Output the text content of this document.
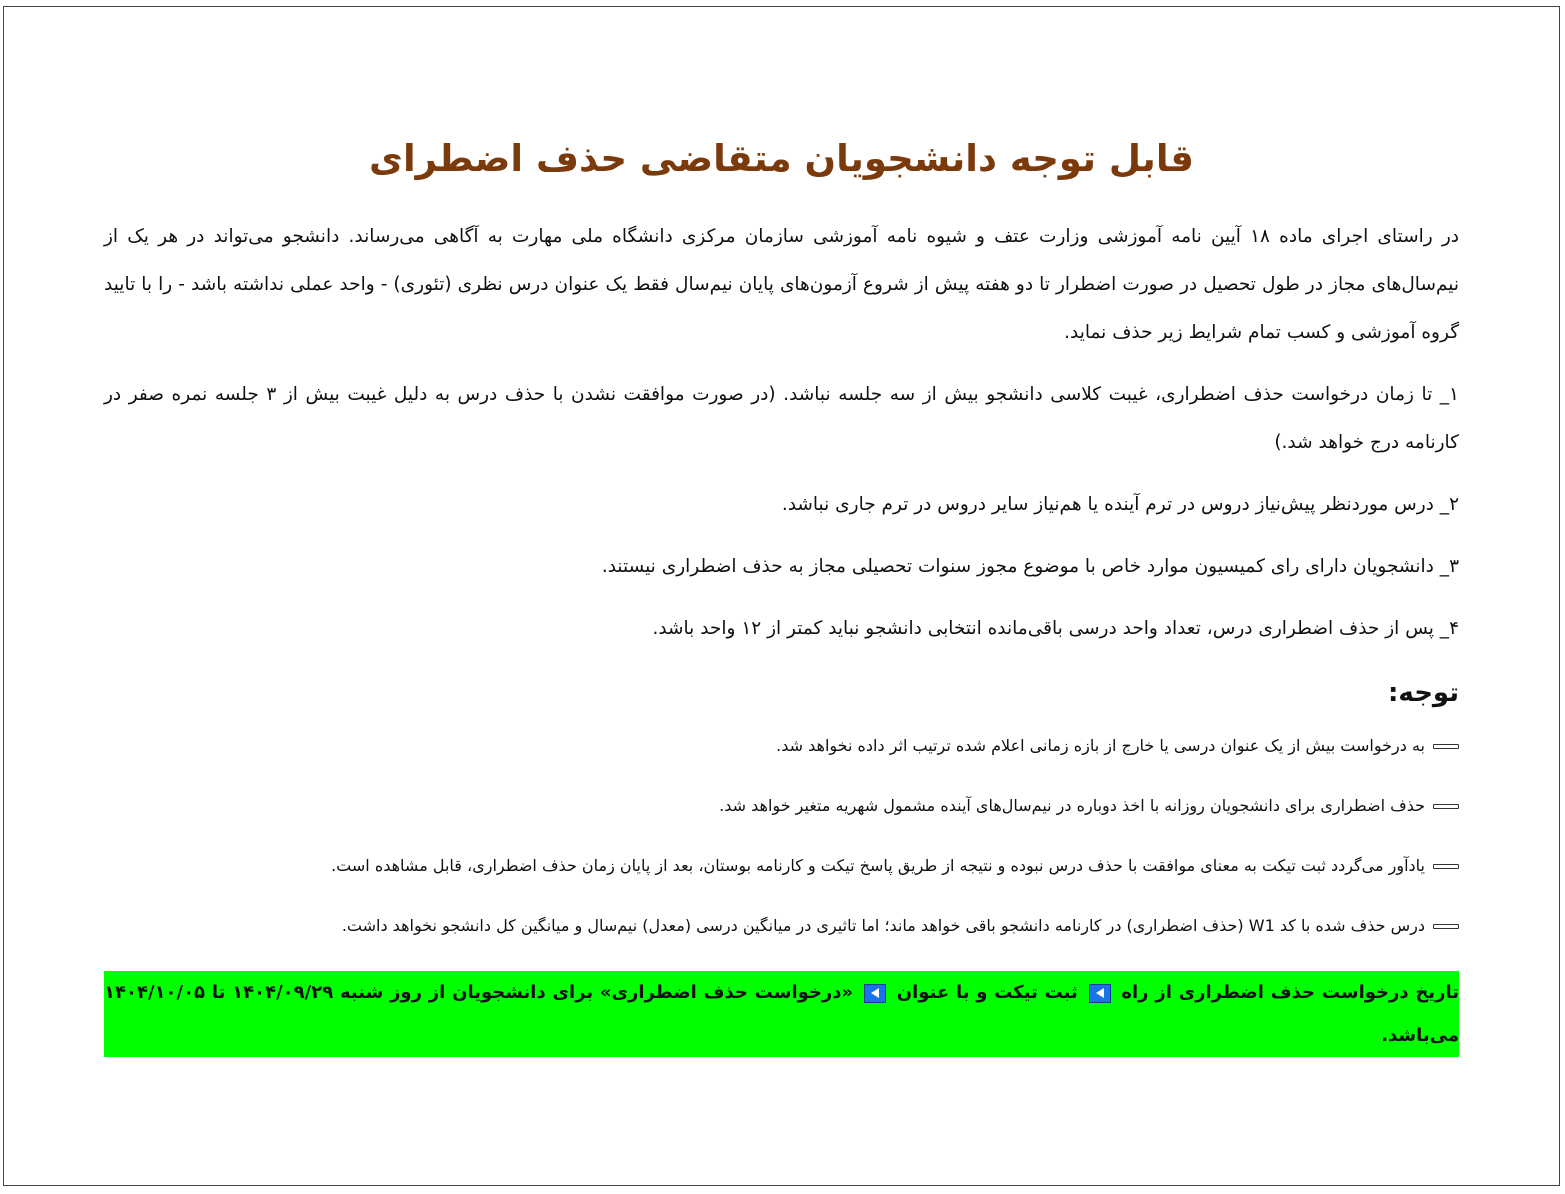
قابل توجه دانشجویان متقاضی حذف اضطرای

در راستای اجرای ماده ۱۸ آیین نامه آموزشی وزارت عتف و شیوه نامه آموزشی سازمان مرکزی دانشگاه ملی مهارت به آگاهی می‌رساند. دانشجو می‌تواند در هر یک از نیم‌سال‌های مجاز در طول تحصیل در صورت اضطرار تا دو هفته پیش از شروع آزمون‌های پایان نیم‌سال فقط یک عنوان درس نظری (تئوری) - واحد عملی نداشته باشد - را با تایید گروه آموزشی و کسب تمام شرایط زیر حذف نماید.

۱_ تا زمان درخواست حذف اضطراری، غیبت کلاسی دانشجو بیش از سه جلسه نباشد. (در صورت موافقت نشدن با حذف درس به دلیل غیبت بیش از ۳ جلسه نمره صفر در کارنامه درج خواهد شد.)

۲_ درس موردنظر پیش‌نیاز دروس در ترم آینده یا هم‌نیاز سایر دروس در ترم جاری نباشد.

۳_ دانشجویان دارای رای کمیسیون موارد خاص با موضوع مجوز سنوات تحصیلی مجاز به حذف اضطراری نیستند.

۴_ پس از حذف اضطراری درس، تعداد واحد درسی باقی‌مانده انتخابی دانشجو نباید کمتر از ۱۲ واحد باشد.

توجه:
به درخواست بیش از یک عنوان درسی یا خارج از بازه زمانی اعلام شده ترتیب اثر داده نخواهد شد.
حذف اضطراری برای دانشجویان روزانه با اخذ دوباره در نیم‌سال‌های آینده مشمول شهریه متغیر خواهد شد.
یادآور می‌گردد ثبت تیکت به معنای موافقت با حذف درس نبوده و نتیجه از طریق پاسخ تیکت و کارنامه بوستان، بعد از پایان زمان حذف اضطراری، قابل مشاهده است.
درس حذف شده با کد W1 (حذف اضطراری) در کارنامه دانشجو باقی خواهد ماند؛ اما تاثیری در میانگین درسی (معدل) نیم‌سال و میانگین کل دانشجو نخواهد داشت.
تاریخ درخواست حذف اضطراری از راه  ثبت تیکت و با عنوان  «درخواست حذف اضطراری» برای دانشجویان از روز شنبه ۱۴۰۴/۰۹/۲۹ تا ۱۴۰۴/۱۰/۰۵ می‌باشد.
